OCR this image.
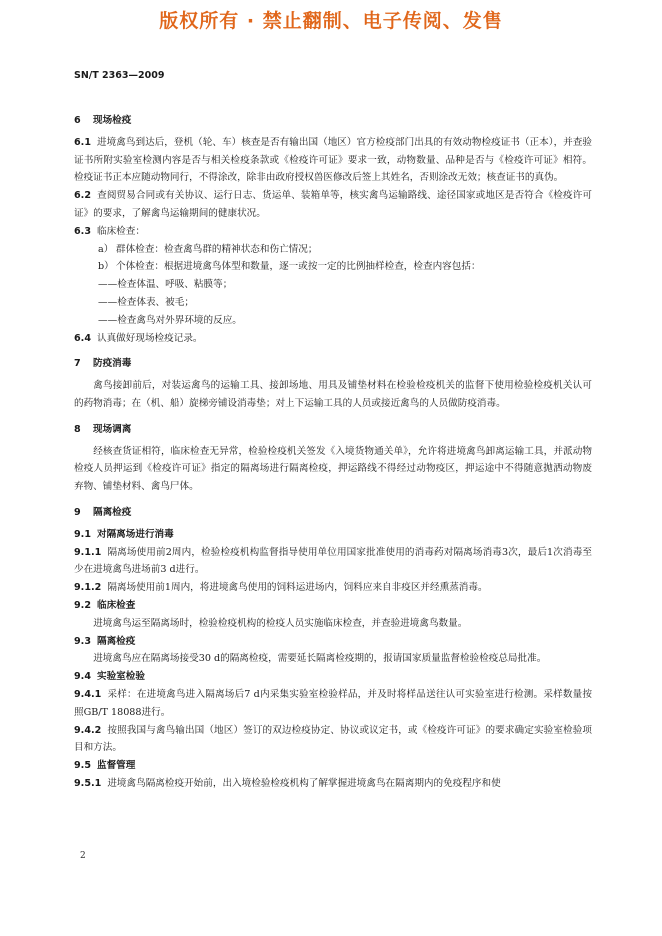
版权所有 · 禁止翻制、电子传阅、发售
SN/T 2363—2009
6 现场检疫

6.1 进境禽鸟到达后，登机（轮、车）核查是否有输出国（地区）官方检疫部门出具的有效动物检疫证书（正本），并查验证书所附实验室检测内容是否与相关检疫条款或《检疫许可证》要求一致，动物数量、品种是否与《检疫许可证》相符。检疫证书正本应随动物同行，不得涂改，除非由政府授权兽医修改后签上其姓名，否则涂改无效；核查证书的真伪。

6.2 查阅贸易合同或有关协议、运行日志、货运单、装箱单等，核实禽鸟运输路线、途径国家或地区是否符合《检疫许可证》的要求，了解禽鸟运输期间的健康状况。

6.3 临床检查：

a） 群体检查：检查禽鸟群的精神状态和伤亡情况；

b） 个体检查：根据进境禽鸟体型和数量，逐一或按一定的比例抽样检查，检查内容包括：

——检查体温、呼吸、粘膜等；

——检查体表、被毛；

——检查禽鸟对外界环境的反应。

6.4 认真做好现场检疫记录。

7 防疫消毒

禽鸟接卸前后，对装运禽鸟的运输工具、接卸场地、用具及铺垫材料在检验检疫机关的监督下使用检验检疫机关认可的药物消毒；在（机、船）旋梯旁铺设消毒垫；对上下运输工具的人员或接近禽鸟的人员做防疫消毒。

8 现场调离

经核查货证相符，临床检查无异常，检验检疫机关签发《入境货物通关单》，允许将进境禽鸟卸离运输工具，并派动物检疫人员押运到《检疫许可证》指定的隔离场进行隔离检疫，押运路线不得经过动物疫区，押运途中不得随意抛洒动物废弃物、铺垫材料、禽鸟尸体。

9 隔离检疫
9.1 对隔离场进行消毒

9.1.1 隔离场使用前2周内，检验检疫机构监督指导使用单位用国家批准使用的消毒药对隔离场消毒3次，最后1次消毒至少在进境禽鸟进场前3 d进行。

9.1.2 隔离场使用前1周内，将进境禽鸟使用的饲料运进场内，饲料应来自非疫区并经熏蒸消毒。

9.2 临床检查

进境禽鸟运至隔离场时，检验检疫机构的检疫人员实施临床检查，并查验进境禽鸟数量。

9.3 隔离检疫

进境禽鸟应在隔离场接受30 d的隔离检疫，需要延长隔离检疫期的，报请国家质量监督检验检疫总局批准。

9.4 实验室检验

9.4.1 采样：在进境禽鸟进入隔离场后7 d内采集实验室检验样品，并及时将样品送往认可实验室进行检测。采样数量按照GB/T 18088进行。

9.4.2 按照我国与禽鸟输出国（地区）签订的双边检疫协定、协议或议定书，或《检疫许可证》的要求确定实验室检验项目和方法。

9.5 监督管理

9.5.1 进境禽鸟隔离检疫开始前，出入境检验检疫机构了解掌握进境禽鸟在隔离期内的免疫程序和使

2
